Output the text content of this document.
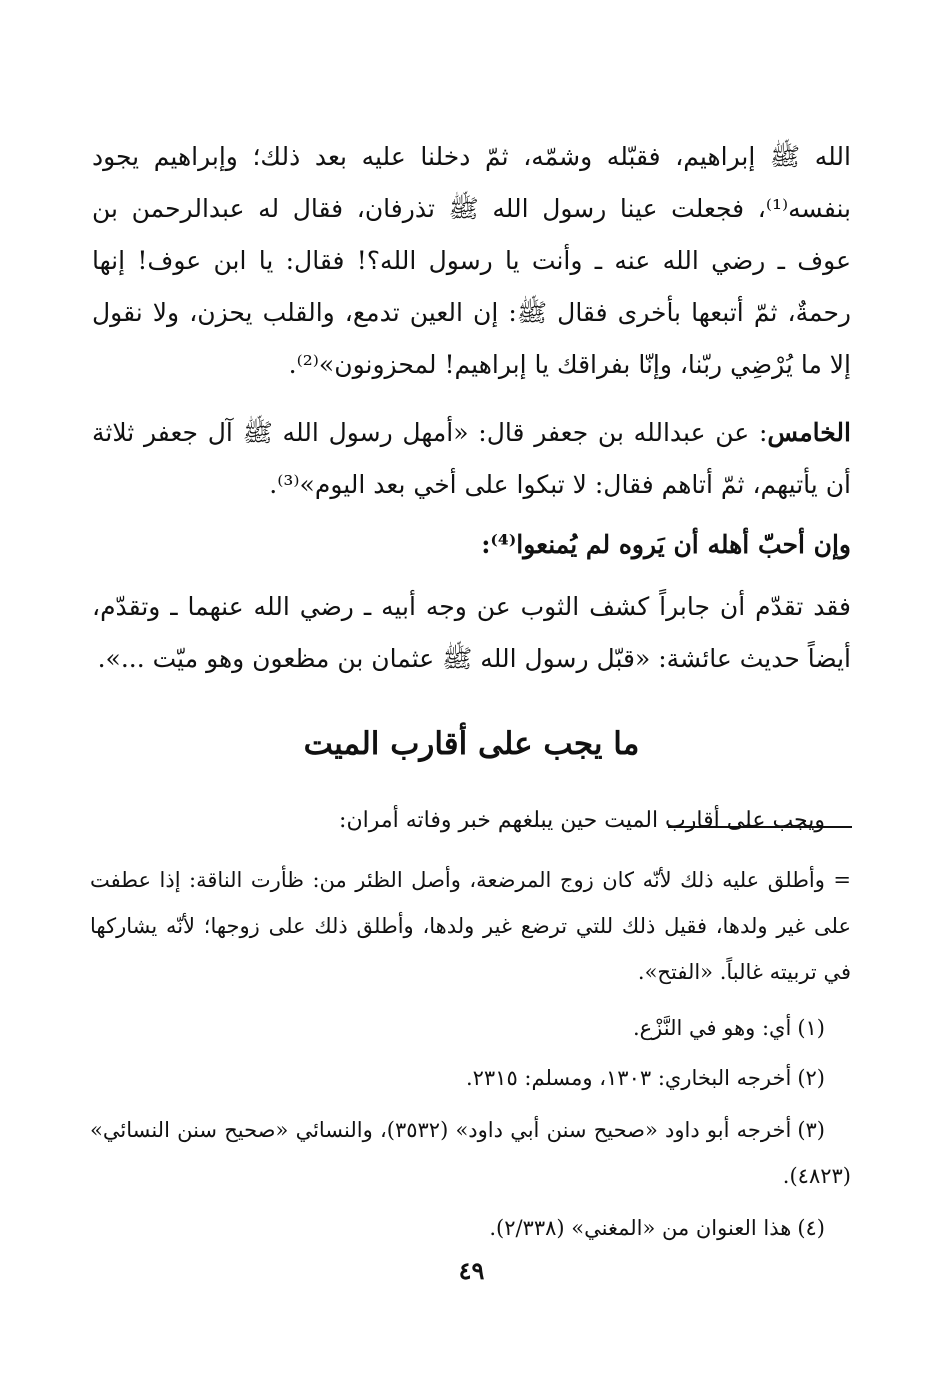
الله ﷺ إبراهيم، فقبّله وشمّه، ثمّ دخلنا عليه بعد ذلك؛ وإبراهيم يجود بنفسه⁽¹⁾، فجعلت عينا رسول الله ﷺ تذرفان، فقال له عبدالرحمن بن عوف ـ رضي الله عنه ـ وأنت يا رسول الله؟! فقال: يا ابن عوف! إنها رحمةٌ، ثمّ أتبعها بأخرى فقال ﷺ: إن العين تدمع، والقلب يحزن، ولا نقول إلا ما يُرْضِي ربّنا، وإنّا بفراقك يا إبراهيم! لمحزونون»⁽²⁾.

الخامس: عن عبدالله بن جعفر قال: «أمهل رسول الله ﷺ آل جعفر ثلاثة أن يأتيهم، ثمّ أتاهم فقال: لا تبكوا على أخي بعد اليوم»⁽³⁾.

وإن أحبّ أهله أن يَروه لم يُمنعوا⁽⁴⁾:

فقد تقدّم أن جابراً كشف الثوب عن وجه أبيه ـ رضي الله عنهما ـ وتقدّم، أيضاً حديث عائشة: «قبّل رسول الله ﷺ عثمان بن مظعون وهو ميّت ...».

ما يجب على أقارب الميت

ويجب على أقارب الميت حين يبلغهم خبر وفاته أمران:

= وأطلق عليه ذلك لأنّه كان زوج المرضعة، وأصل الظئر من: ظأرت الناقة: إذا عطفت على غير ولدها، فقيل ذلك للتي ترضع غير ولدها، وأطلق ذلك على زوجها؛ لأنّه يشاركها في تربيته غالباً. «الفتح».

(١)أي: وهو في النَّزْع.

(٢)أخرجه البخاري: ١٣٠٣، ومسلم: ٢٣١٥.

(٣)أخرجه أبو داود «صحيح سنن أبي داود» (٣٥٣٢)، والنسائي «صحيح سنن النسائي» (٤٨٢٣).

(٤)هذا العنوان من «المغني» (٢/٣٣٨).

٤٩
